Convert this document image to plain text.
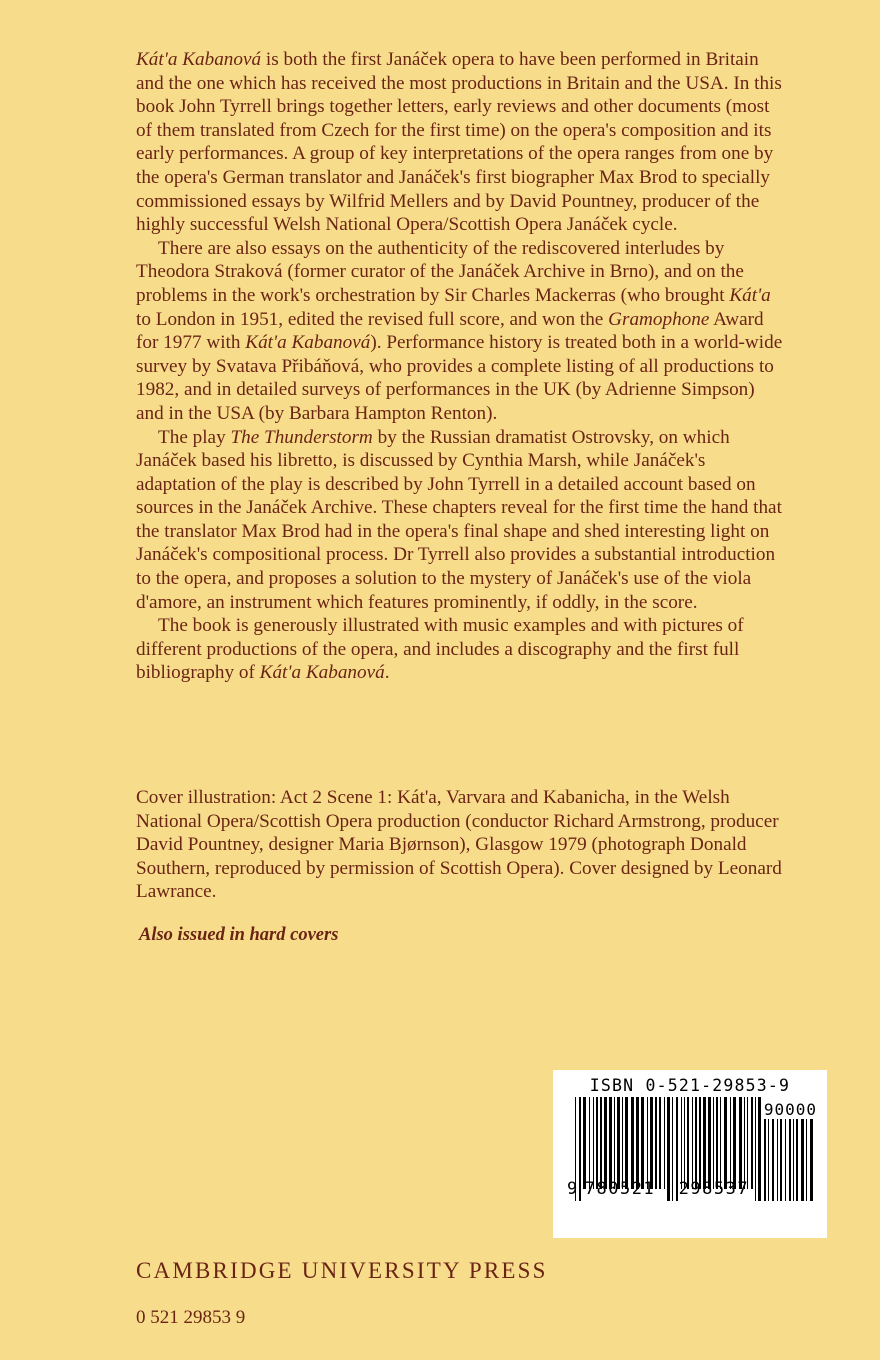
Kát'a Kabanová is both the first Janáček opera to have been performed in Britain and the one which has received the most productions in Britain and the USA. In this book John Tyrrell brings together letters, early reviews and other documents (most of them translated from Czech for the first time) on the opera's composition and its early performances. A group of key interpretations of the opera ranges from one by the opera's German translator and Janáček's first biographer Max Brod to specially commissioned essays by Wilfrid Mellers and by David Pountney, producer of the highly successful Welsh National Opera/Scottish Opera Janáček cycle.

There are also essays on the authenticity of the rediscovered interludes by Theodora Straková (former curator of the Janáček Archive in Brno), and on the problems in the work's orchestration by Sir Charles Mackerras (who brought Kát'a to London in 1951, edited the revised full score, and won the Gramophone Award for 1977 with Kát'a Kabanová). Performance history is treated both in a world-wide survey by Svatava Přibáňová, who provides a complete listing of all productions to 1982, and in detailed surveys of performances in the UK (by Adrienne Simpson) and in the USA (by Barbara Hampton Renton).

The play The Thunderstorm by the Russian dramatist Ostrovsky, on which Janáček based his libretto, is discussed by Cynthia Marsh, while Janáček's adaptation of the play is described by John Tyrrell in a detailed account based on sources in the Janáček Archive. These chapters reveal for the first time the hand that the translator Max Brod had in the opera's final shape and shed interesting light on Janáček's compositional process. Dr Tyrrell also provides a substantial introduction to the opera, and proposes a solution to the mystery of Janáček's use of the viola d'amore, an instrument which features prominently, if oddly, in the score.

The book is generously illustrated with music examples and with pictures of different productions of the opera, and includes a discography and the first full bibliography of Kát'a Kabanová.

Cover illustration: Act 2 Scene 1: Kát'a, Varvara and Kabanicha, in the Welsh National Opera/Scottish Opera production (conductor Richard Armstrong, producer David Pountney, designer Maria Bjørnson), Glasgow 1979 (photograph Donald Southern, reproduced by permission of Scottish Opera). Cover designed by Leonard Lawrance.
Also issued in hard covers
ISBN 0-521-29853-9
90000
9 780521 298537
CAMBRIDGE UNIVERSITY PRESS
0 521 29853 9
